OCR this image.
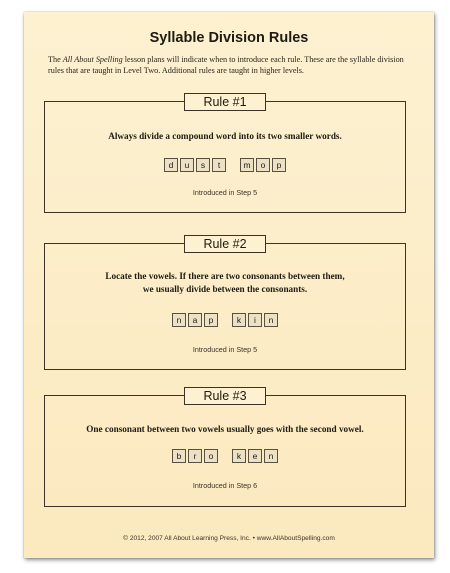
Syllable Division Rules
The All About Spelling lesson plans will indicate when to introduce each rule. These are the syllable division rules that are taught in Level Two. Additional rules are taught in higher levels.
Rule #1
Always divide a compound word into its two smaller words.
d	u	s	t	m	o	p
Introduced in Step 5
Rule #2
Locate the vowels. If there are two consonants between them,
we usually divide between the consonants.
n	a	p	k	i	n
Introduced in Step 5
Rule #3
One consonant between two vowels usually goes with the second vowel.
b	r	o	k	e	n
Introduced in Step 6
© 2012, 2007 All About Learning Press, Inc. • www.AllAboutSpelling.com
